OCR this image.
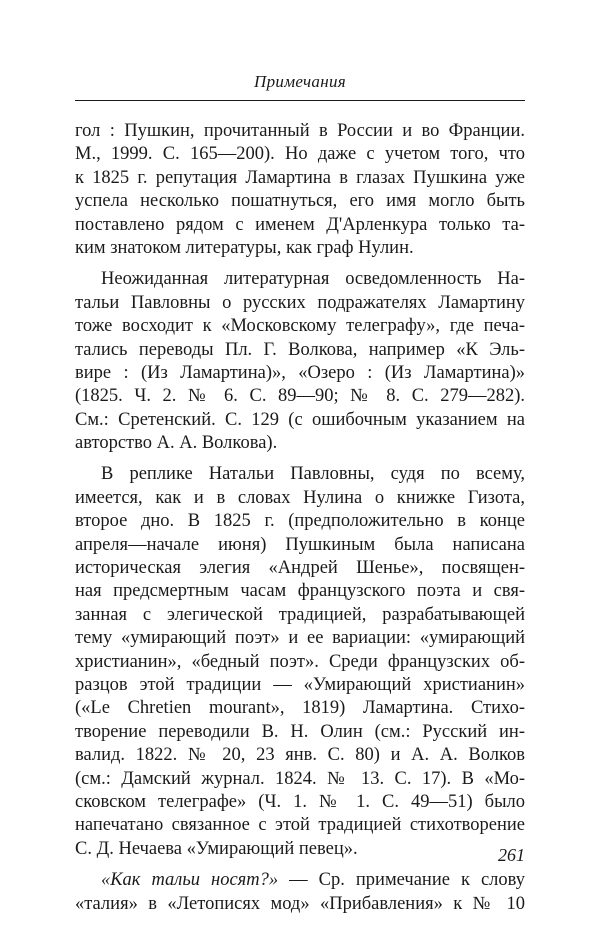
Примечания
гол : Пушкин, прочитанный в России и во Франции.
М., 1999. С. 165—200). Но даже с учетом того, что
к 1825 г. репутация Ламартина в глазах Пушкина уже
успела несколько пошатнуться, его имя могло быть
поставлено рядом с именем Д'Арленкура только та-
ким знатоком литературы, как граф Нулин.
Неожиданная литературная осведомленность На-
тальи Павловны о русских подражателях Ламартину
тоже восходит к «Московскому телеграфу», где печа-
тались переводы Пл. Г. Волкова, например «К Эль-
вире : (Из Ламартина)», «Озеро : (Из Ламартина)»
(1825. Ч. 2. № 6. С. 89—90; № 8. С. 279—282).
См.: Сретенский. С. 129 (с ошибочным указанием на
авторство А. А. Волкова).
В реплике Натальи Павловны, судя по всему,
имеется, как и в словах Нулина о книжке Гизота,
второе дно. В 1825 г. (предположительно в конце
апреля—начале июня) Пушкиным была написана
историческая элегия «Андрей Шенье», посвящен-
ная предсмертным часам французского поэта и свя-
занная с элегической традицией, разрабатывающей
тему «умирающий поэт» и ее вариации: «умирающий
христианин», «бедный поэт». Среди французских об-
разцов этой традиции — «Умирающий христианин»
(«Le Chretien mourant», 1819) Ламартина. Стихо-
творение переводили В. Н. Олин (см.: Русский ин-
валид. 1822. № 20, 23 янв. С. 80) и А. А. Волков
(см.: Дамский журнал. 1824. № 13. С. 17). В «Мо-
сковском телеграфе» (Ч. 1. № 1. С. 49—51) было
напечатано связанное с этой традицией стихотворение
С. Д. Нечаева «Умирающий певец».
«Как тальи носят?» — Ср. примечание к слову
«талия» в «Летописях мод» «Прибавления» к № 10
261
